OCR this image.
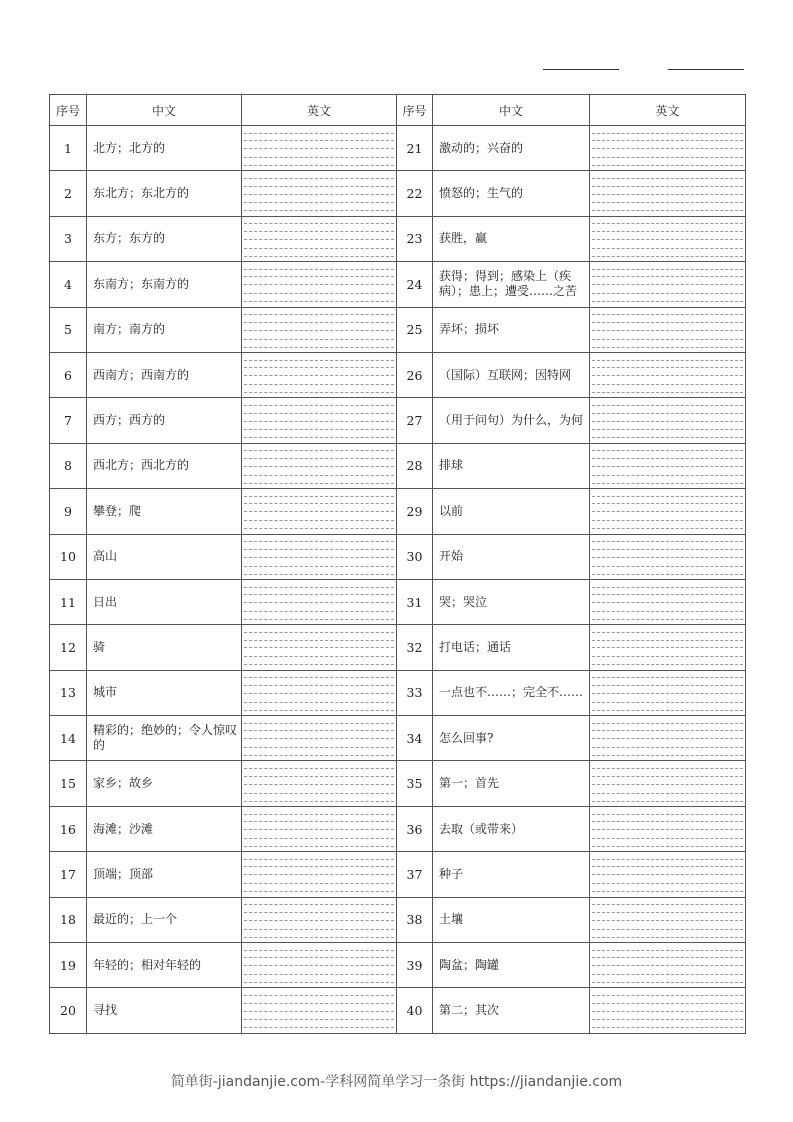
序号	中文	英文	序号	中文	英文
1	北方；北方的		21	激动的；兴奋的	

2	东北方；东北方的		22	愤怒的；生气的	

3	东方；东方的		23	获胜，赢	

4	东南方；东南方的		24	获得；得到；感染上（疾病）；患上；遭受……之苦	

5	南方；南方的		25	弄坏；损坏	

6	西南方；西南方的		26	（国际）互联网；因特网	

7	西方；西方的		27	（用于问句）为什么，为何	

8	西北方；西北方的		28	排球	

9	攀登；爬		29	以前	

10	高山		30	开始	

11	日出		31	哭；哭泣	

12	骑		32	打电话；通话	

13	城市		33	一点也不……；完全不……	

14	精彩的；绝妙的；令人惊叹的		34	怎么回事?	

15	家乡；故乡		35	第一；首先	

16	海滩；沙滩		36	去取（或带来）	

17	顶端；顶部		37	种子	

18	最近的；上一个		38	土壤	

19	年轻的；相对年轻的		39	陶盆；陶罐	

20	寻找		40	第二；其次	
简单街-jiandanjie.com-学科网简单学习一条街 https://jiandanjie.com
